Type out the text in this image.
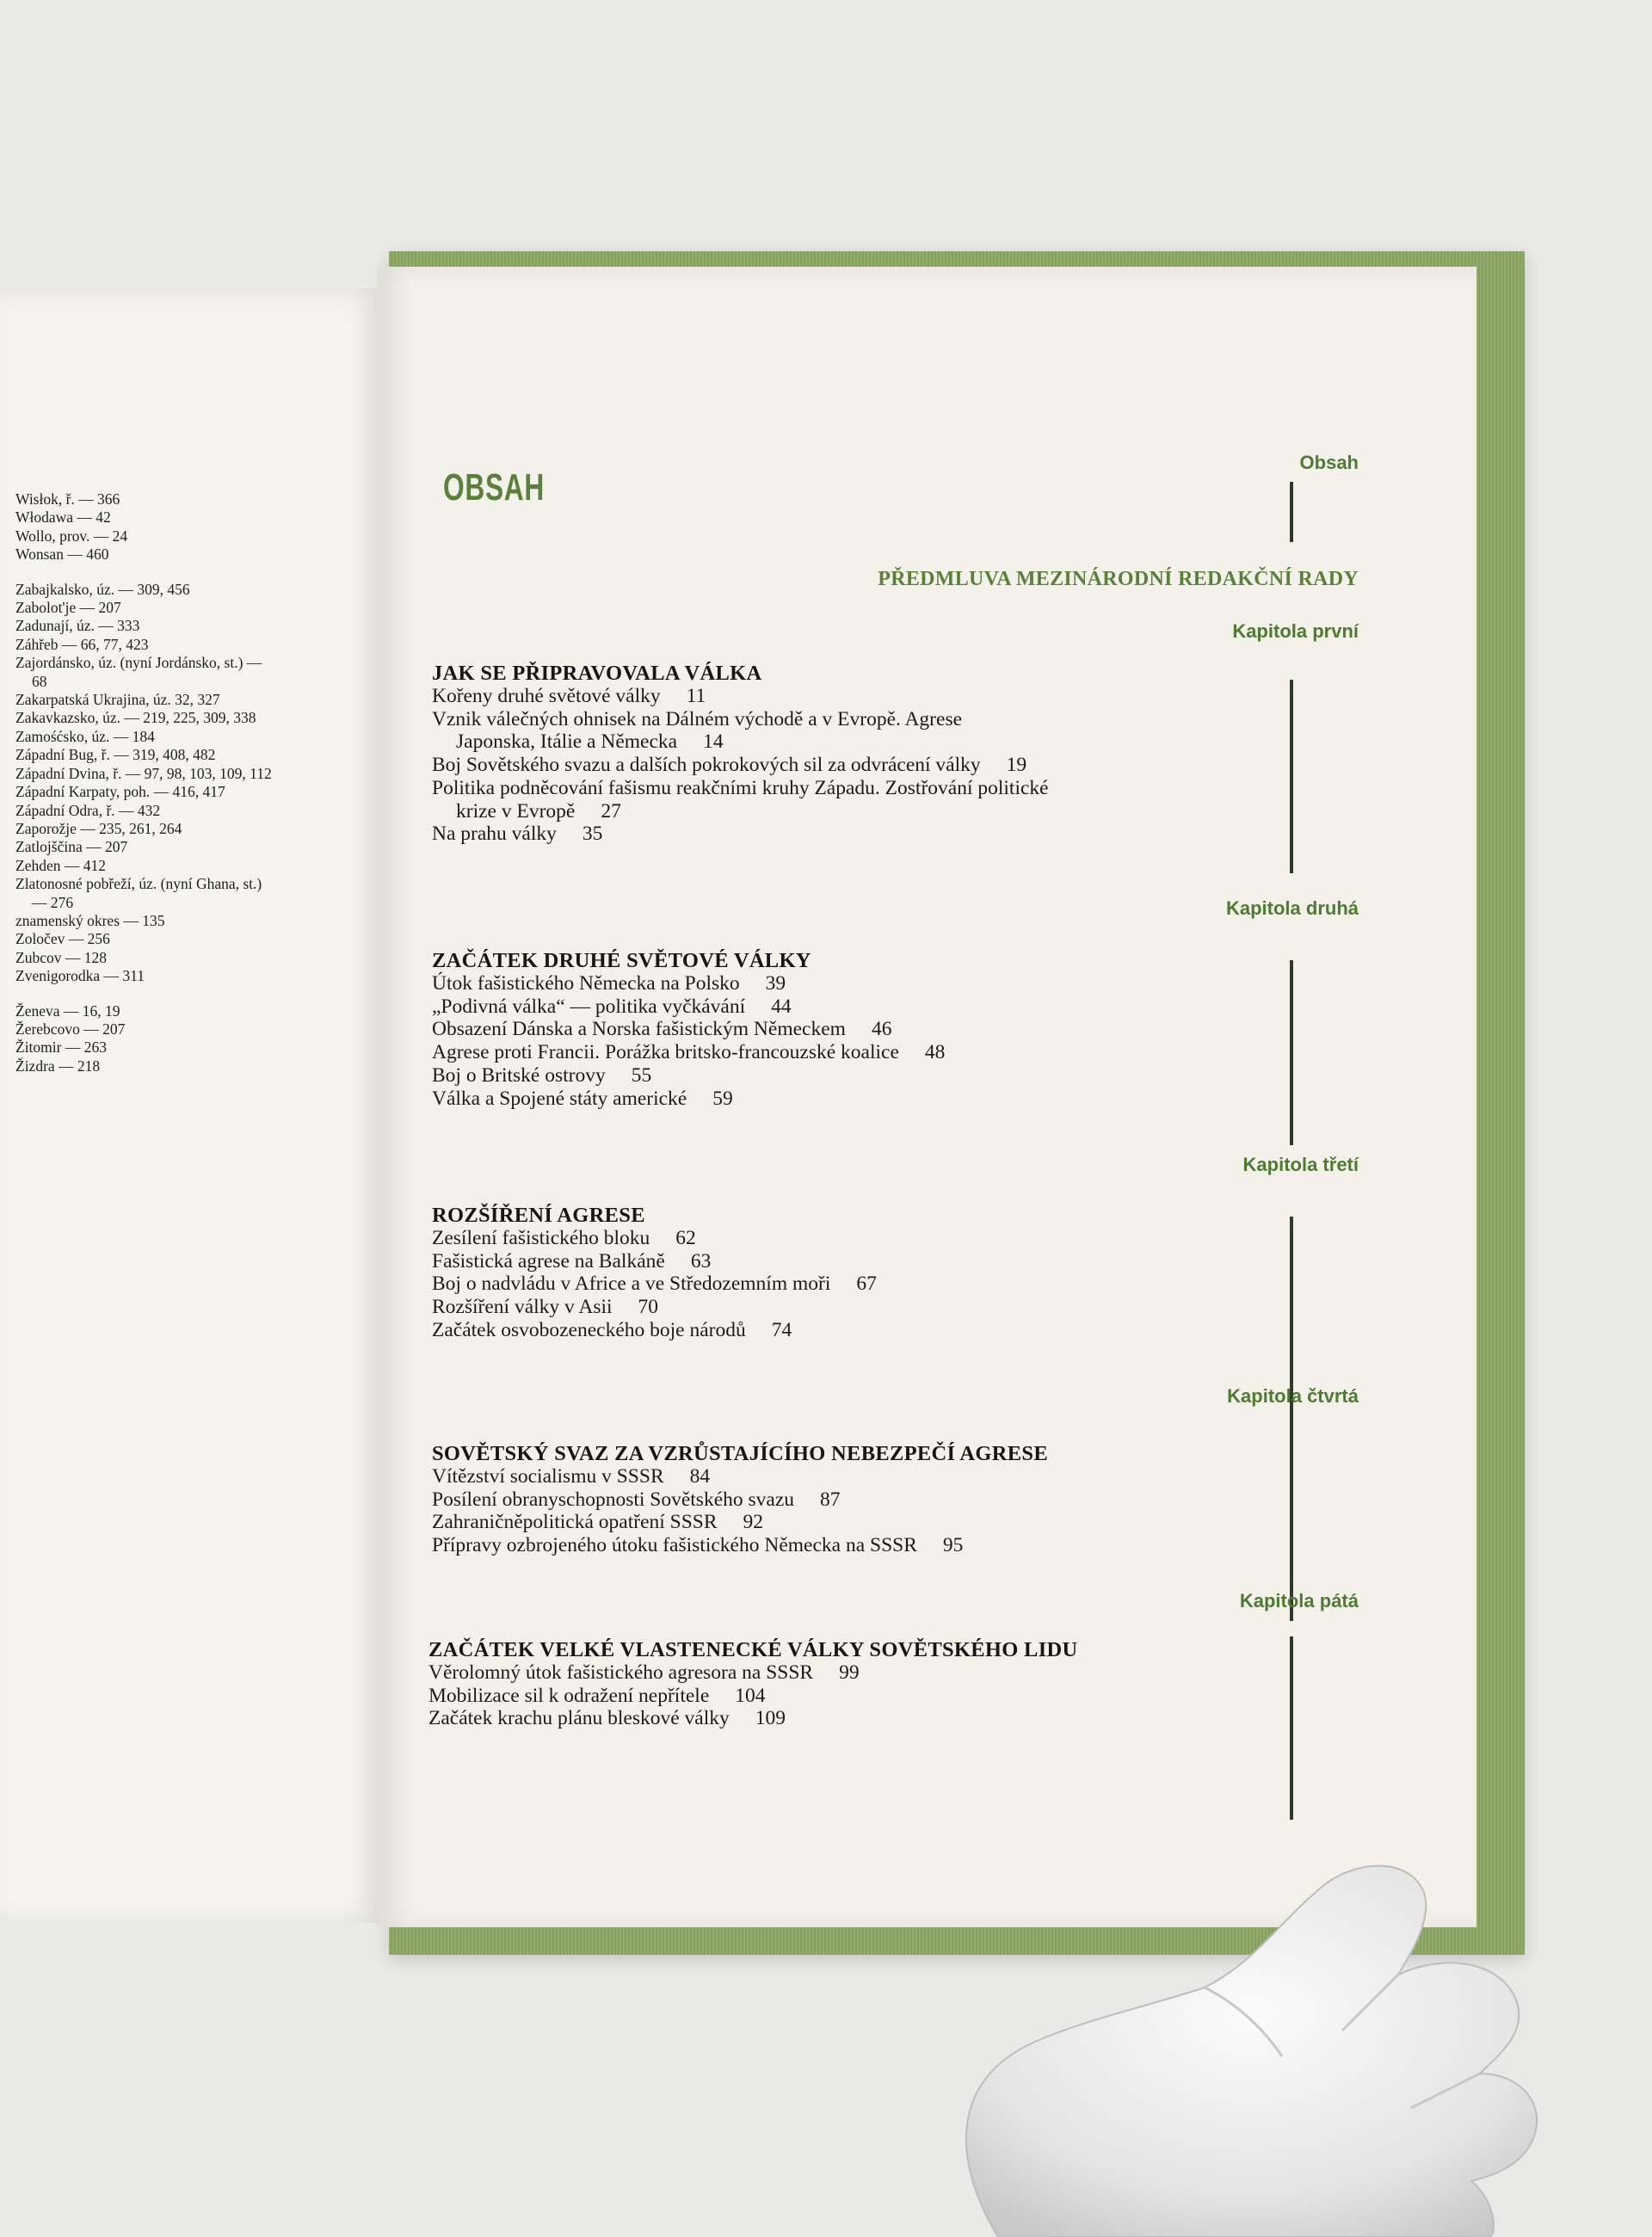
Wisłok, ř. — 366
Włodawa — 42
Wollo, prov. — 24
Wonsan — 460
Zabajkalsko, úz. — 309, 456
Zabolot'je — 207
Zadunají, úz. — 333
Záhřeb — 66, 77, 423
Zajordánsko, úz. (nyní Jordánsko, st.) — 68
Zakarpatská Ukrajina, úz. 32, 327
Zakavkazsko, úz. — 219, 225, 309, 338
Zamośćsko, úz. — 184
Západní Bug, ř. — 319, 408, 482
Západní Dvina, ř. — 97, 98, 103, 109, 112
Západní Karpaty, poh. — 416, 417
Západní Odra, ř. — 432
Zaporožje — 235, 261, 264
Zatlojščina — 207
Zehden — 412
Zlatonosné pobřeží, úz. (nyní Ghana, st.) — 276
znamenský okres — 135
Zoločev — 256
Zubcov — 128
Zvenigorodka — 311
Ženeva — 16, 19
Žerebcovo — 207
Žitomir — 263
Žizdra — 218
OBSAH

PŘEDMLUVA MEZINÁRODNÍ REDAKČNÍ RADY

Obsah
Kapitola první
Kapitola druhá
Kapitola třetí
Kapitola čtvrtá
Kapitola pátá
JAK SE PŘIPRAVOVALA VÁLKA
Kořeny druhé světové války 11
Vznik válečných ohnisek na Dálném východě a v Evropě. Agrese
Japonska, Itálie a Německa 14
Boj Sovětského svazu a dalších pokrokových sil za odvrácení války 19
Politika podněcování fašismu reakčními kruhy Západu. Zostřování politické
krize v Evropě 27
Na prahu války 35
ZAČÁTEK DRUHÉ SVĚTOVÉ VÁLKY
Útok fašistického Německa na Polsko 39
„Podivná válka“ — politika vyčkávání 44
Obsazení Dánska a Norska fašistickým Německem 46
Agrese proti Francii. Porážka britsko-francouzské koalice 48
Boj o Britské ostrovy 55
Válka a Spojené státy americké 59
ROZŠÍŘENÍ AGRESE
Zesílení fašistického bloku 62
Fašistická agrese na Balkáně 63
Boj o nadvládu v Africe a ve Středozemním moři 67
Rozšíření války v Asii 70
Začátek osvobozeneckého boje národů 74
SOVĚTSKÝ SVAZ ZA VZRŮSTAJÍCÍHO NEBEZPEČÍ AGRESE
Vítězství socialismu v SSSR 84
Posílení obranyschopnosti Sovětského svazu 87
Zahraničněpolitická opatření SSSR 92
Přípravy ozbrojeného útoku fašistického Německa na SSSR 95
ZAČÁTEK VELKÉ VLASTENECKÉ VÁLKY SOVĚTSKÉHO LIDU
Věrolomný útok fašistického agresora na SSSR 99
Mobilizace sil k odražení nepřítele 104
Začátek krachu plánu bleskové války 109
